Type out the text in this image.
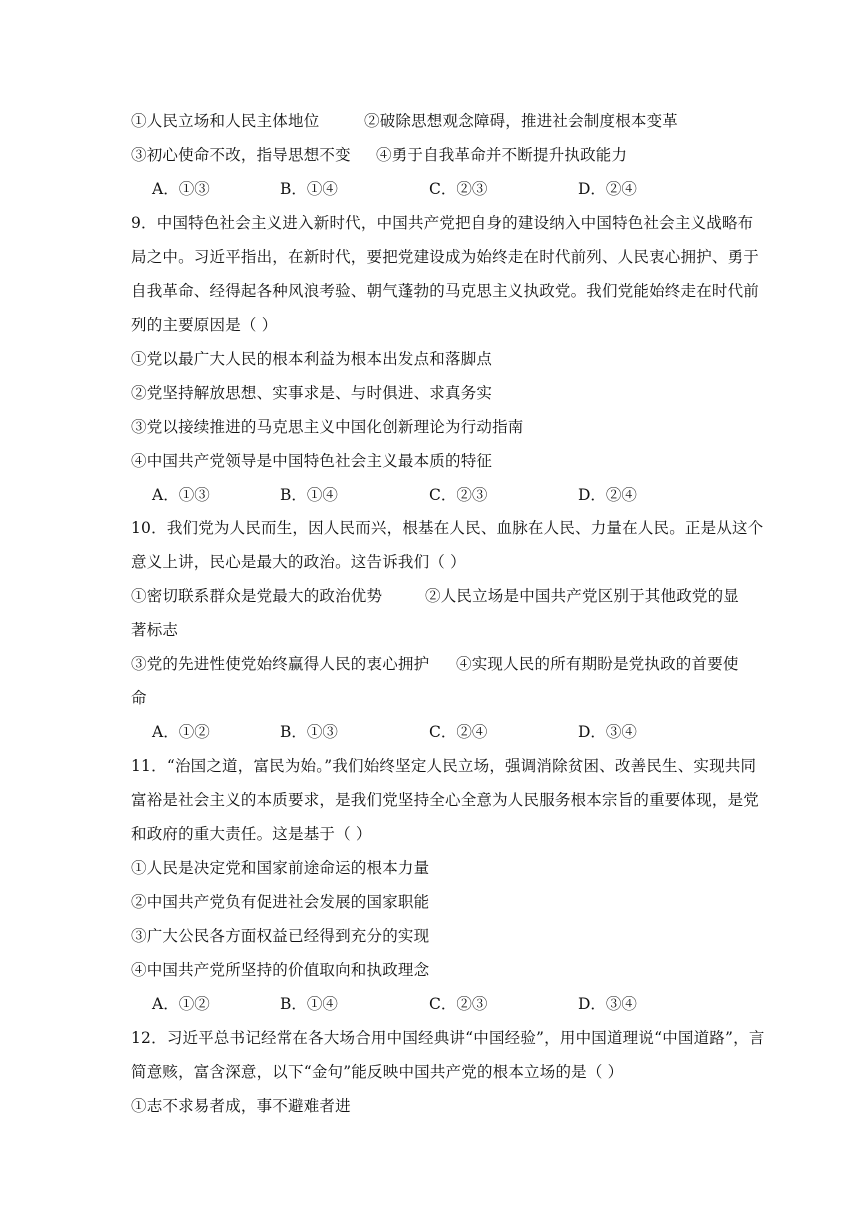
①人民立场和人民主体地位	②破除思想观念障碍，推进社会制度根本变革
③初心使命不改，指导思想不变 ④勇于自我革命并不断提升执政能力
A．①③	B．①④	C．②③	D．②④
9．中国特色社会主义进入新时代，中国共产党把自身的建设纳入中国特色社会主义战略布
局之中。习近平指出，在新时代，要把党建设成为始终走在时代前列、人民衷心拥护、勇于
自我革命、经得起各种风浪考验、朝气蓬勃的马克思主义执政党。我们党能始终走在时代前
列的主要原因是（ ）
①党以最广大人民的根本利益为根本出发点和落脚点
②党坚持解放思想、实事求是、与时俱进、求真务实
③党以接续推进的马克思主义中国化创新理论为行动指南
④中国共产党领导是中国特色社会主义最本质的特征
A．①③	B．①④	C．②③	D．②④
10．我们党为人民而生，因人民而兴，根基在人民、血脉在人民、力量在人民。正是从这个
意义上讲，民心是最大的政治。这告诉我们（ ）
①密切联系群众是党最大的政治优势	②人民立场是中国共产党区别于其他政党的显
著标志
③党的先进性使党始终赢得人民的衷心拥护 ④实现人民的所有期盼是党执政的首要使
命
A．①②	B．①③	C．②④	D．③④
11．“治国之道，富民为始。”我们始终坚定人民立场，强调消除贫困、改善民生、实现共同
富裕是社会主义的本质要求，是我们党坚持全心全意为人民服务根本宗旨的重要体现，是党
和政府的重大责任。这是基于（ ）
①人民是决定党和国家前途命运的根本力量
②中国共产党负有促进社会发展的国家职能
③广大公民各方面权益已经得到充分的实现
④中国共产党所坚持的价值取向和执政理念
A．①②	B．①④	C．②③	D．③④
12．习近平总书记经常在各大场合用中国经典讲“中国经验”，用中国道理说“中国道路”，言
简意赅，富含深意，以下“金句”能反映中国共产党的根本立场的是（ ）
①志不求易者成，事不避难者进
